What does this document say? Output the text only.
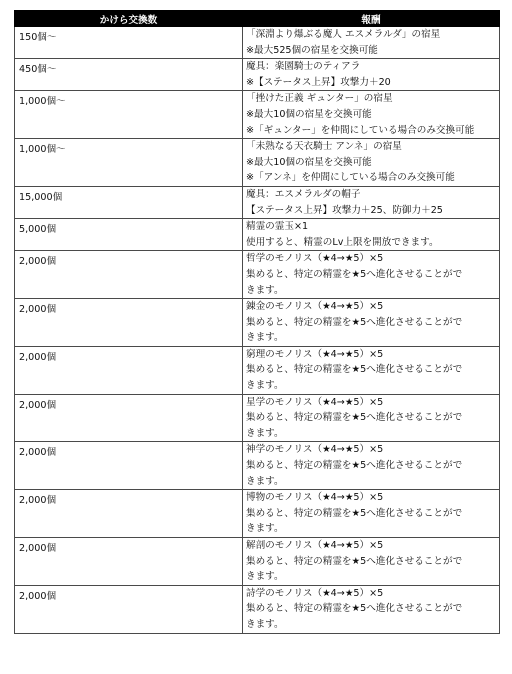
かけら交換数	報酬
150個〜	「深淵より爆ぶる魔人 エスメラルダ」の宿星
※最大525個の宿星を交換可能

450個〜	魔具：楽園騎士のティアラ
※【ステータス上昇】攻撃力＋20

1,000個〜	「挫けた正義 ギュンター」の宿星
※最大10個の宿星を交換可能
※「ギュンター」を仲間にしている場合のみ交換可能

1,000個〜	「未熟なる天衣騎士 アンネ」の宿星
※最大10個の宿星を交換可能
※「アンネ」を仲間にしている場合のみ交換可能

15,000個	魔具：エスメラルダの帽子
【ステータス上昇】攻撃力＋25、防御力＋25

5,000個	精霊の霊玉×1
使用すると、精霊のLv上限を開放できます。

2,000個	哲学のモノリス（★4→★5）×5
集めると、特定の精霊を★5へ進化させることがで
きます。

2,000個	錬金のモノリス（★4→★5）×5
集めると、特定の精霊を★5へ進化させることがで
きます。

2,000個	窮理のモノリス（★4→★5）×5
集めると、特定の精霊を★5へ進化させることがで
きます。

2,000個	星学のモノリス（★4→★5）×5
集めると、特定の精霊を★5へ進化させることがで
きます。

2,000個	神学のモノリス（★4→★5）×5
集めると、特定の精霊を★5へ進化させることがで
きます。

2,000個	博物のモノリス（★4→★5）×5
集めると、特定の精霊を★5へ進化させることがで
きます。

2,000個	解剖のモノリス（★4→★5）×5
集めると、特定の精霊を★5へ進化させることがで
きます。

2,000個	詩学のモノリス（★4→★5）×5
集めると、特定の精霊を★5へ進化させることがで
きます。
